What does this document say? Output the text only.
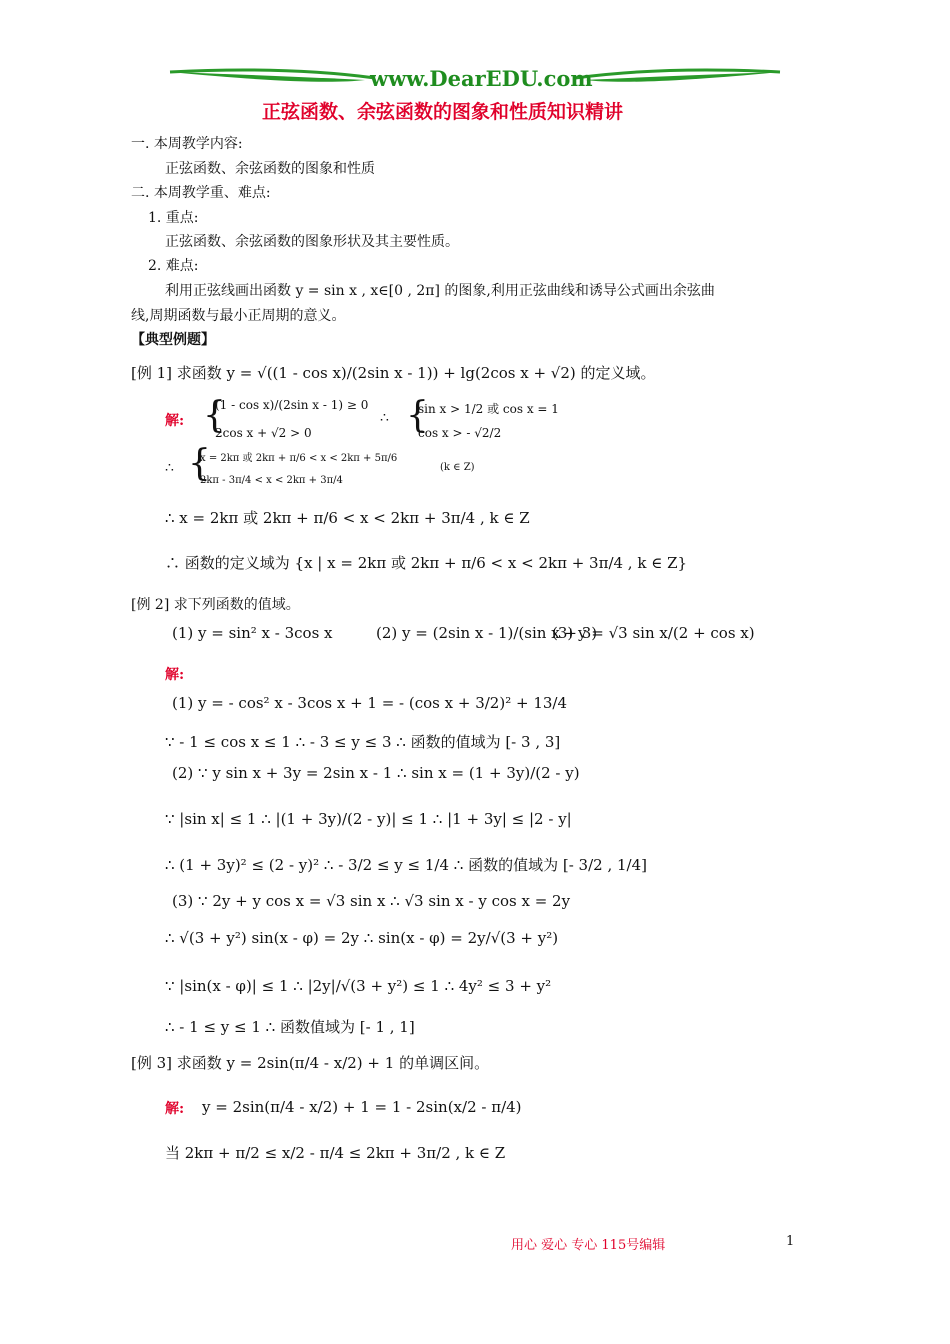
www.DearEDU.com
正弦函数、余弦函数的图象和性质知识精讲
一. 本周教学内容:
正弦函数、余弦函数的图象和性质
二. 本周教学重、难点:
1. 重点:
正弦函数、余弦函数的图象形状及其主要性质。
2. 难点:
利用正弦线画出函数 y = sin x , x∈[0 , 2π] 的图象,利用正弦曲线和诱导公式画出余弦曲
线,周期函数与最小正周期的意义。
【典型例题】
[例 1] 求函数 y = √((1 - cos x)/(2sin x - 1)) + lg(2cos x + √2) 的定义域。
解: {
(1 - cos x)/(2sin x - 1) ≥ 0
2cos x + √2 > 0
∴ {
sin x > 1/2 或 cos x = 1
cos x > - √2/2
∴ {
x = 2kπ 或 2kπ + π/6 < x < 2kπ + 5π/6
2kπ - 3π/4 < x < 2kπ + 3π/4
(k ∈ Z)
∴ x = 2kπ 或 2kπ + π/6 < x < 2kπ + 3π/4 , k ∈ Z
∴ 函数的定义域为 {x | x = 2kπ 或 2kπ + π/6 < x < 2kπ + 3π/4 , k ∈ Z}
[例 2] 求下列函数的值域。
(1) y = sin² x - 3cos x	(2) y = (2sin x - 1)/(sin x + 3)
(3) y = √3 sin x/(2 + cos x)
解:
(1) y = - cos² x - 3cos x + 1 = - (cos x + 3/2)² + 13/4
∵ - 1 ≤ cos x ≤ 1 ∴ - 3 ≤ y ≤ 3 ∴ 函数的值域为 [- 3 , 3]
(2) ∵ y sin x + 3y = 2sin x - 1 ∴ sin x = (1 + 3y)/(2 - y)
∵ |sin x| ≤ 1 ∴ |(1 + 3y)/(2 - y)| ≤ 1 ∴ |1 + 3y| ≤ |2 - y|
∴ (1 + 3y)² ≤ (2 - y)² ∴ - 3/2 ≤ y ≤ 1/4 ∴ 函数的值域为 [- 3/2 , 1/4]
(3) ∵ 2y + y cos x = √3 sin x ∴ √3 sin x - y cos x = 2y
∴ √(3 + y²) sin(x - φ) = 2y ∴ sin(x - φ) = 2y/√(3 + y²)
∵ |sin(x - φ)| ≤ 1 ∴ |2y|/√(3 + y²) ≤ 1 ∴ 4y² ≤ 3 + y²
∴ - 1 ≤ y ≤ 1 ∴ 函数值域为 [- 1 , 1]
[例 3] 求函数 y = 2sin(π/4 - x/2) + 1 的单调区间。
解: y = 2sin(π/4 - x/2) + 1 = 1 - 2sin(x/2 - π/4)
当 2kπ + π/2 ≤ x/2 - π/4 ≤ 2kπ + 3π/2 , k ∈ Z
用心 爱心 专心 115号编辑	1
